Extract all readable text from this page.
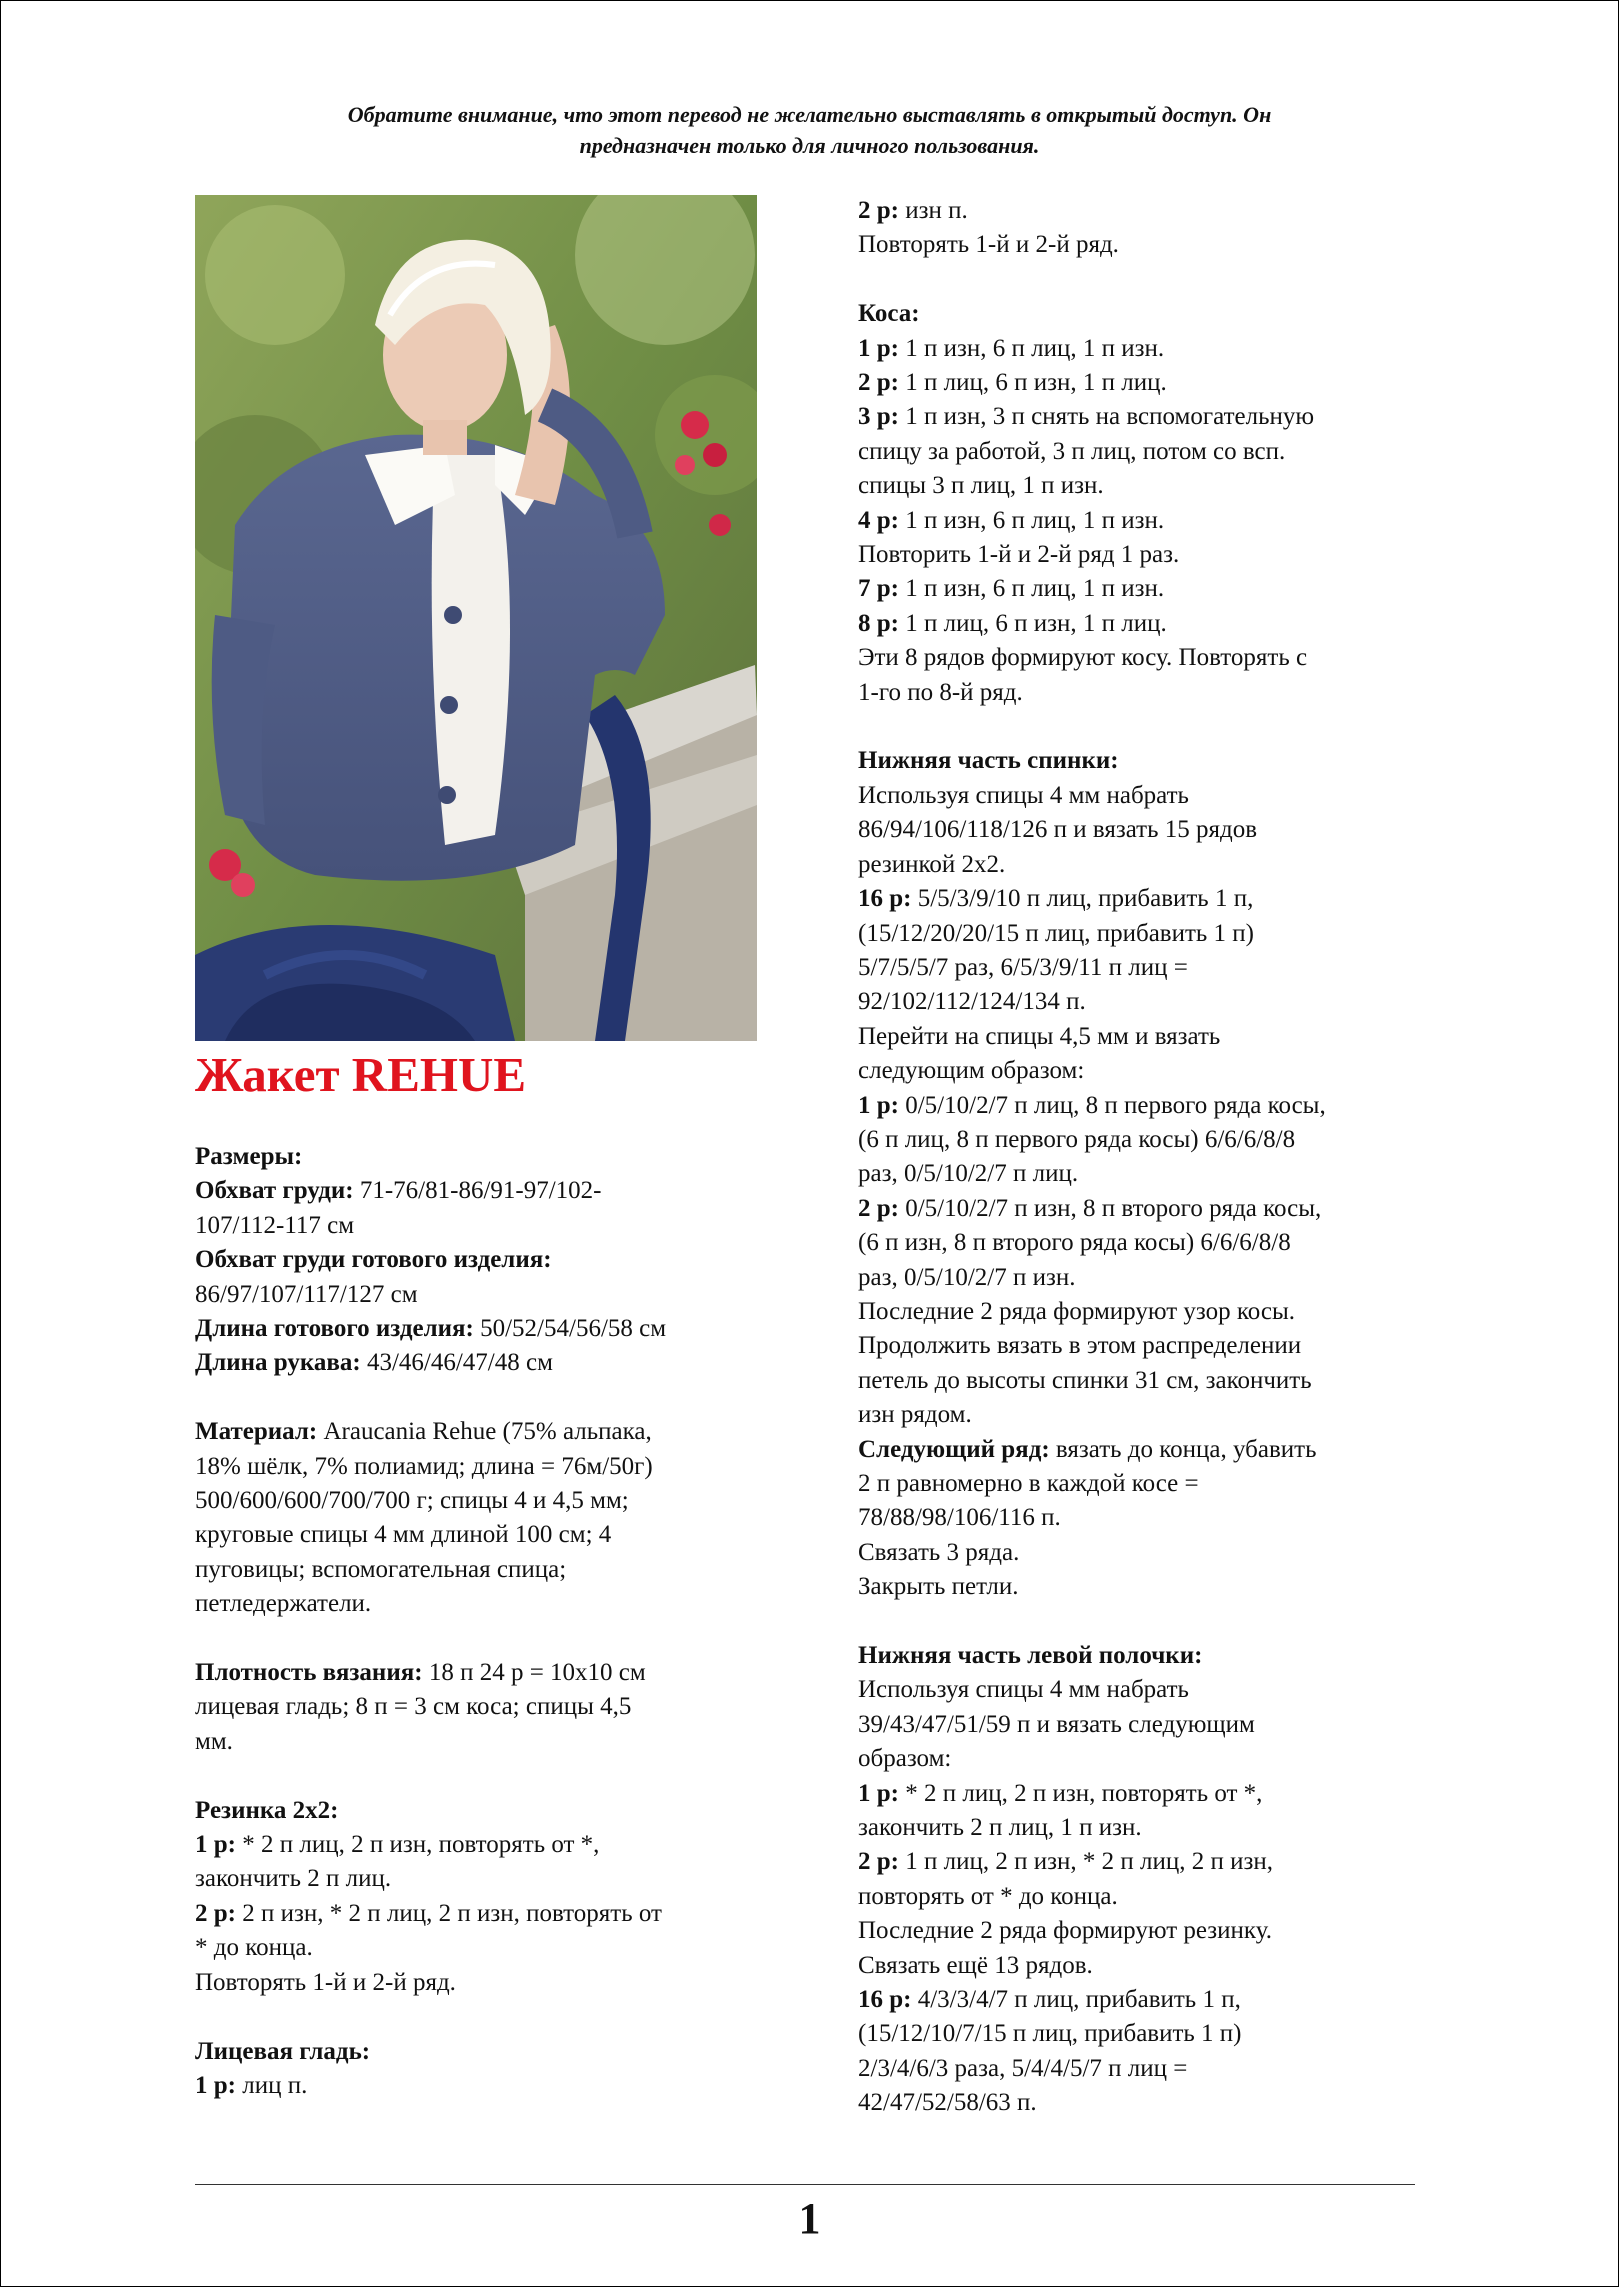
Обратите внимание, что этот перевод не желательно выставлять в открытый доступ. Он
предназначен только для личного пользования.
Жакет REHUE

Размеры:

Обхват груди: 71-76/81-86/91-97/102-

107/112-117 см

Обхват груди готового изделия:

86/97/107/117/127 см

Длина готового изделия: 50/52/54/56/58 см

Длина рукава: 43/46/46/47/48 см

Материал: Araucania Rehue (75% альпака,

18% шёлк, 7% полиамид; длина = 76м/50г)

500/600/600/700/700 г; спицы 4 и 4,5 мм;

круговые спицы 4 мм длиной 100 см; 4

пуговицы; вспомогательная спица;

петледержатели.

Плотность вязания: 18 п 24 р = 10х10 см

лицевая гладь; 8 п = 3 см коса; спицы 4,5

мм.

Резинка 2х2:

1 р: * 2 п лиц, 2 п изн, повторять от *,

закончить 2 п лиц.

2 р: 2 п изн, * 2 п лиц, 2 п изн, повторять от

* до конца.

Повторять 1-й и 2-й ряд.

Лицевая гладь:

1 р: лиц п.

2 р: изн п.

Повторять 1-й и 2-й ряд.

Коса:

1 р: 1 п изн, 6 п лиц, 1 п изн.

2 р: 1 п лиц, 6 п изн, 1 п лиц.

3 р: 1 п изн, 3 п снять на вспомогательную

спицу за работой, 3 п лиц, потом со всп.

спицы 3 п лиц, 1 п изн.

4 р: 1 п изн, 6 п лиц, 1 п изн.

Повторить 1-й и 2-й ряд 1 раз.

7 р: 1 п изн, 6 п лиц, 1 п изн.

8 р: 1 п лиц, 6 п изн, 1 п лиц.

Эти 8 рядов формируют косу. Повторять с

1-го по 8-й ряд.

Нижняя часть спинки:

Используя спицы 4 мм набрать

86/94/106/118/126 п и вязать 15 рядов

резинкой 2х2.

16 р: 5/5/3/9/10 п лиц, прибавить 1 п,

(15/12/20/20/15 п лиц, прибавить 1 п)

5/7/5/5/7 раз, 6/5/3/9/11 п лиц =

92/102/112/124/134 п.

Перейти на спицы 4,5 мм и вязать

следующим образом:

1 р: 0/5/10/2/7 п лиц, 8 п первого ряда косы,

(6 п лиц, 8 п первого ряда косы) 6/6/6/8/8

раз, 0/5/10/2/7 п лиц.

2 р: 0/5/10/2/7 п изн, 8 п второго ряда косы,

(6 п изн, 8 п второго ряда косы) 6/6/6/8/8

раз, 0/5/10/2/7 п изн.

Последние 2 ряда формируют узор косы.

Продолжить вязать в этом распределении

петель до высоты спинки 31 см, закончить

изн рядом.

Следующий ряд: вязать до конца, убавить

2 п равномерно в каждой косе =

78/88/98/106/116 п.

Связать 3 ряда.

Закрыть петли.

Нижняя часть левой полочки:

Используя спицы 4 мм набрать

39/43/47/51/59 п и вязать следующим

образом:

1 р: * 2 п лиц, 2 п изн, повторять от *,

закончить 2 п лиц, 1 п изн.

2 р: 1 п лиц, 2 п изн, * 2 п лиц, 2 п изн,

повторять от * до конца.

Последние 2 ряда формируют резинку.

Связать ещё 13 рядов.

16 р: 4/3/3/4/7 п лиц, прибавить 1 п,

(15/12/10/7/15 п лиц, прибавить 1 п)

2/3/4/6/3 раза, 5/4/4/5/7 п лиц =

42/47/52/58/63 п.

1
